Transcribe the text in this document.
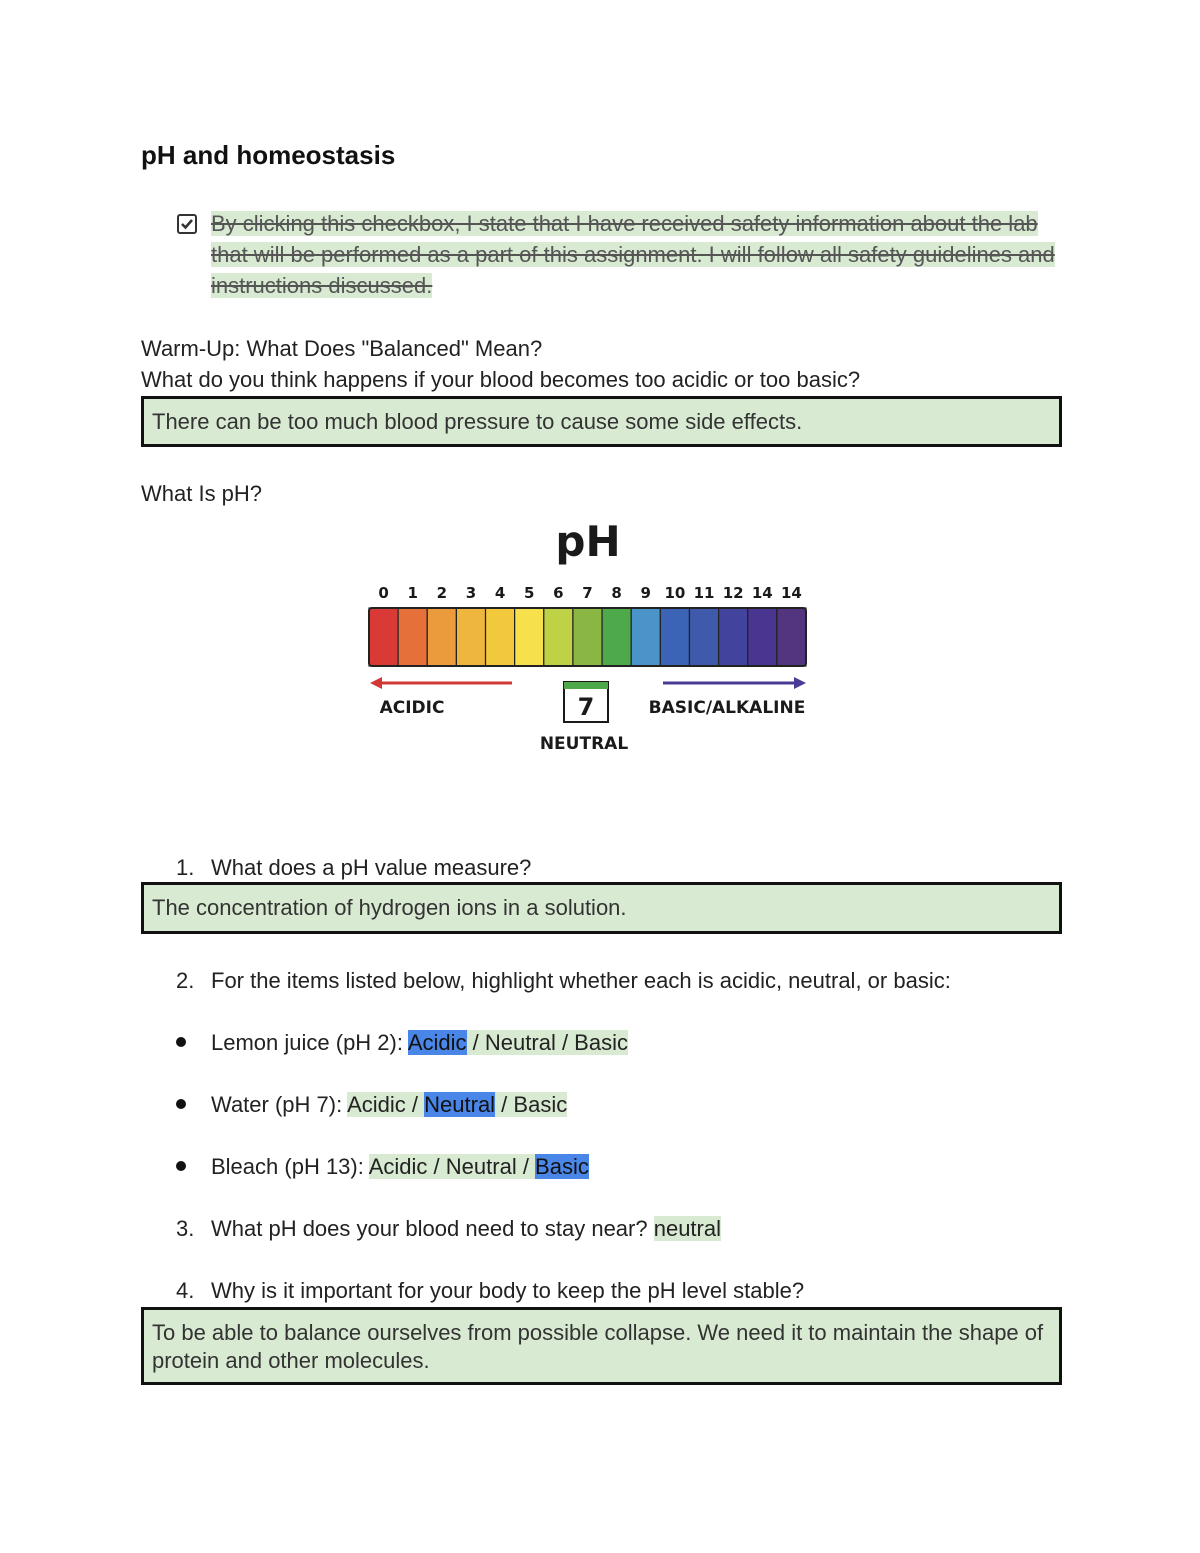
pH and homeostasis
By clicking this checkbox, I state that I have received safety information about the lab that will be performed as a part of this assignment. I will follow all safety guidelines and instructions discussed.
Warm-Up: What Does "Balanced" Mean?
What do you think happens if your blood becomes too acidic or too basic?
There can be too much blood pressure to cause some side effects.
What Is pH?
pH
0 1 2 3 4 5 6 7 8 9 10 11 12 14 14
ACIDIC	7
NEUTRAL
BASIC/ALKALINE
1. What does a pH value measure?
The concentration of hydrogen ions in a solution.
2. For the items listed below, highlight whether each is acidic, neutral, or basic:
Lemon juice (pH 2): Acidic / Neutral / Basic
Water (pH 7): Acidic / Neutral / Basic
Bleach (pH 13): Acidic / Neutral / Basic
3. What pH does your blood need to stay near? neutral
4. Why is it important for your body to keep the pH level stable?
To be able to balance ourselves from possible collapse. We need it to maintain the shape of protein and other molecules.
